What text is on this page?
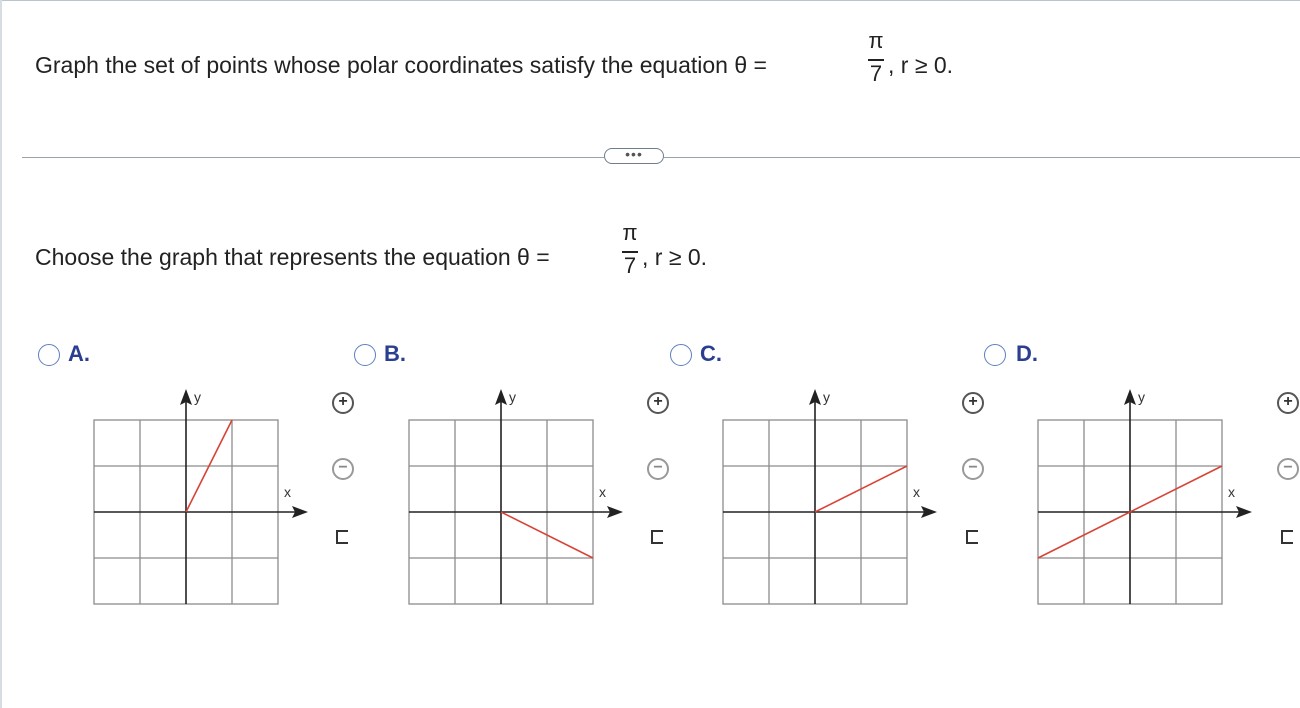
Graph the set of points whose polar coordinates satisfy the equation θ =
π
7 , r ≥ 0.
•••
Choose the graph that represents the equation θ =
π
7 , r ≥ 0.
A.
x
y	+
−
B.
x
y	+
−
C.
x
y	+
−
D.
x
y	+
−
